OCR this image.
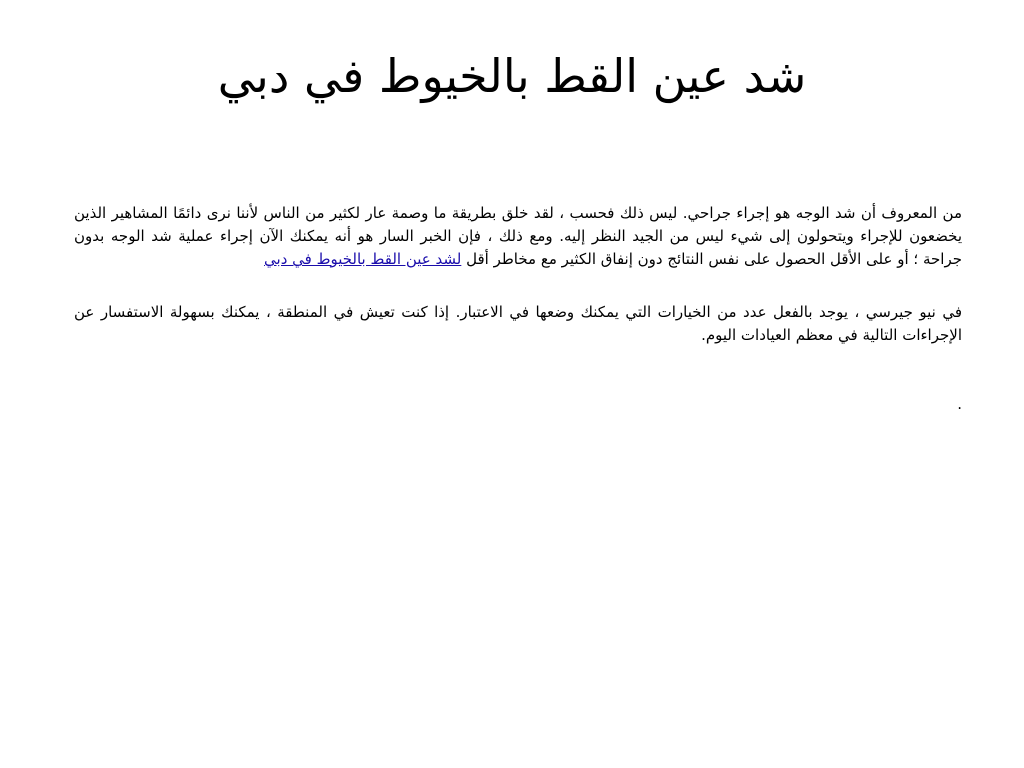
شد عين القط بالخيوط في دبي

من المعروف أن شد الوجه هو إجراء جراحي. ليس ذلك فحسب ، لقد خلق بطريقة ما وصمة عار لكثير من الناس لأننا نرى دائمًا المشاهير الذين يخضعون للإجراء ويتحولون إلى شيء ليس من الجيد النظر إليه. ومع ذلك ، فإن الخبر السار هو أنه يمكنك الآن إجراء عملية شد الوجه بدون جراحة ؛ أو على الأقل الحصول على نفس النتائج دون إنفاق الكثير مع مخاطر أقل لشد عين القط بالخيوط في دبي

في نيو جيرسي ، يوجد بالفعل عدد من الخيارات التي يمكنك وضعها في الاعتبار. إذا كنت تعيش في المنطقة ، يمكنك بسهولة الاستفسار عن الإجراءات التالية في معظم العيادات اليوم.

.
